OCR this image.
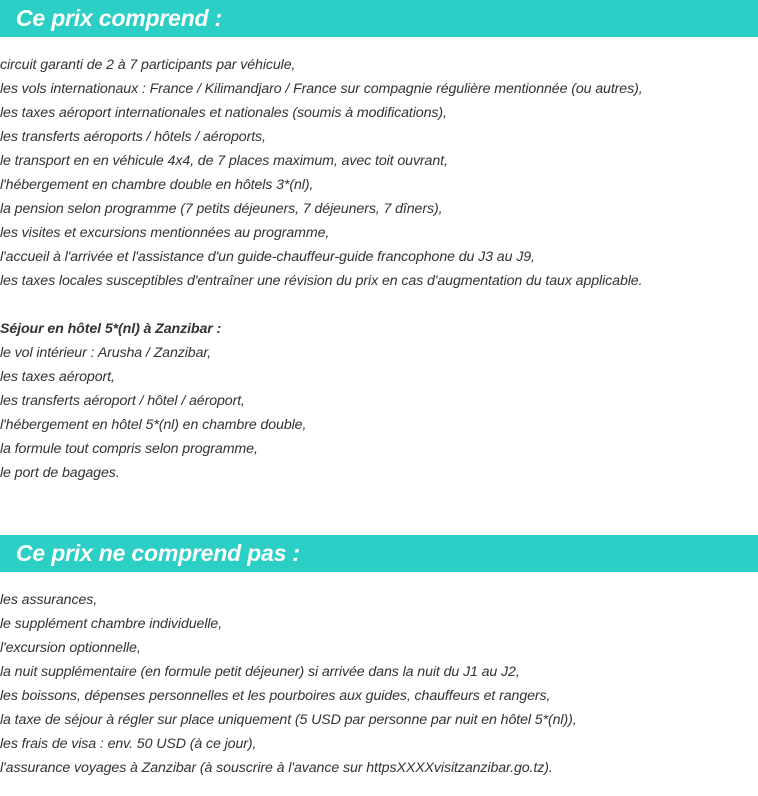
Ce prix comprend :
circuit garanti de 2 à 7 participants par véhicule,
les vols internationaux : France / Kilimandjaro / France sur compagnie régulière mentionnée (ou autres),
les taxes aéroport internationales et nationales (soumis à modifications),
les transferts aéroports / hôtels / aéroports,
le transport en en véhicule 4x4, de 7 places maximum, avec toit ouvrant,
l'hébergement en chambre double en hôtels 3*(nl),
la pension selon programme (7 petits déjeuners, 7 déjeuners, 7 dîners),
les visites et excursions mentionnées au programme,
l'accueil à l'arrivée et l'assistance d'un guide-chauffeur-guide francophone du J3 au J9,
les taxes locales susceptibles d'entraîner une révision du prix en cas d'augmentation du taux applicable.
Séjour en hôtel 5*(nl) à Zanzibar :
le vol intérieur : Arusha / Zanzibar,
les taxes aéroport,
les transferts aéroport / hôtel / aéroport,
l'hébergement en hôtel 5*(nl) en chambre double,
la formule tout compris selon programme,
le port de bagages.
Ce prix ne comprend pas :
les assurances,
le supplément chambre individuelle,
l'excursion optionnelle,
la nuit supplémentaire (en formule petit déjeuner) si arrivée dans la nuit du J1 au J2,
les boissons, dépenses personnelles et les pourboires aux guides, chauffeurs et rangers,
la taxe de séjour à régler sur place uniquement (5 USD par personne par nuit en hôtel 5*(nl)),
les frais de visa : env. 50 USD (à ce jour),
l'assurance voyages à Zanzibar (à souscrire à l'avance sur httpsXXXXvisitzanzibar.go.tz).
